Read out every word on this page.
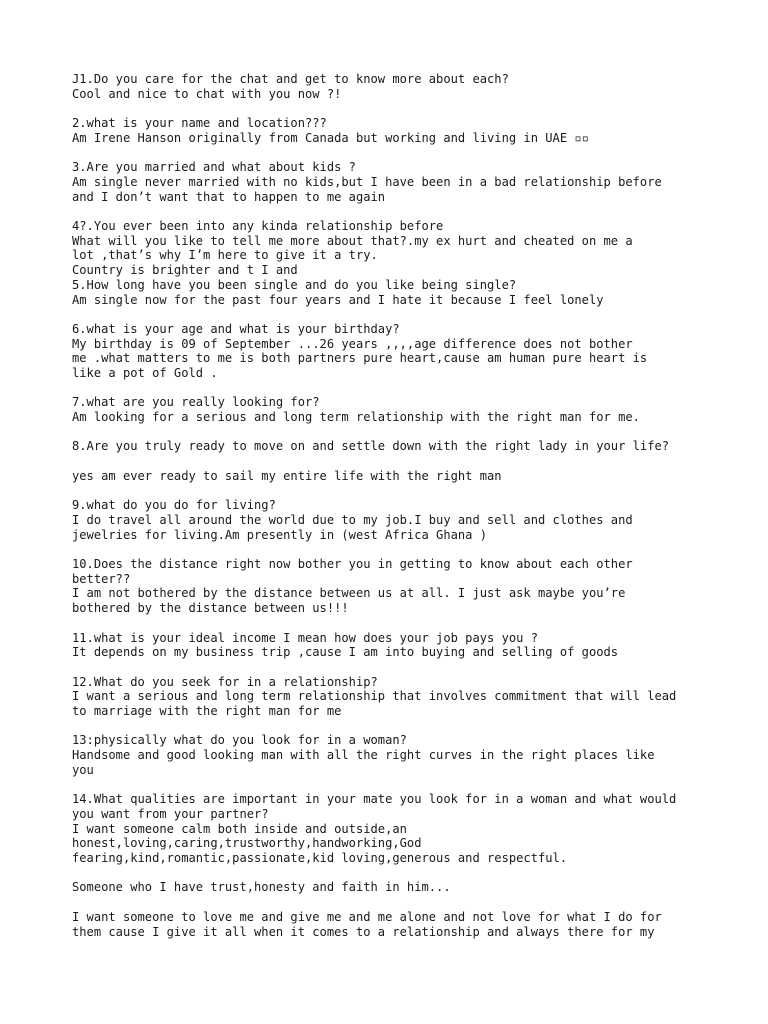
J1.Do you care for the chat and get to know more about each?
Cool and nice to chat with you now ?!
2.what is your name and location???
Am Irene Hanson originally from Canada but working and living in UAE ▫▫
3.Are you married and what about kids ?
Am single never married with no kids,but I have been in a bad relationship before
and I don’t want that to happen to me again
4?.You ever been into any kinda relationship before
What will you like to tell me more about that?.my ex hurt and cheated on me a
lot ,that’s why I’m here to give it a try.
Country is brighter and t I and
5.How long have you been single and do you like being single?
Am single now for the past four years and I hate it because I feel lonely
6.what is your age and what is your birthday?
My birthday is 09 of September ...26 years ,,,,age difference does not bother
me .what matters to me is both partners pure heart,cause am human pure heart is
like a pot of Gold .
7.what are you really looking for?
Am looking for a serious and long term relationship with the right man for me.
8.Are you truly ready to move on and settle down with the right lady in your life?
yes am ever ready to sail my entire life with the right man
9.what do you do for living?
I do travel all around the world due to my job.I buy and sell and clothes and
jewelries for living.Am presently in (west Africa Ghana )
10.Does the distance right now bother you in getting to know about each other
better??
I am not bothered by the distance between us at all. I just ask maybe you’re
bothered by the distance between us!!!
11.what is your ideal income I mean how does your job pays you ?
It depends on my business trip ,cause I am into buying and selling of goods
12.What do you seek for in a relationship?
I want a serious and long term relationship that involves commitment that will lead
to marriage with the right man for me
13:physically what do you look for in a woman?
Handsome and good looking man with all the right curves in the right places like
you
14.What qualities are important in your mate you look for in a woman and what would
you want from your partner?
I want someone calm both inside and outside,an
honest,loving,caring,trustworthy,handworking,God
fearing,kind,romantic,passionate,kid loving,generous and respectful.
Someone who I have trust,honesty and faith in him...
I want someone to love me and give me and me alone and not love for what I do for
them cause I give it all when it comes to a relationship and always there for my
